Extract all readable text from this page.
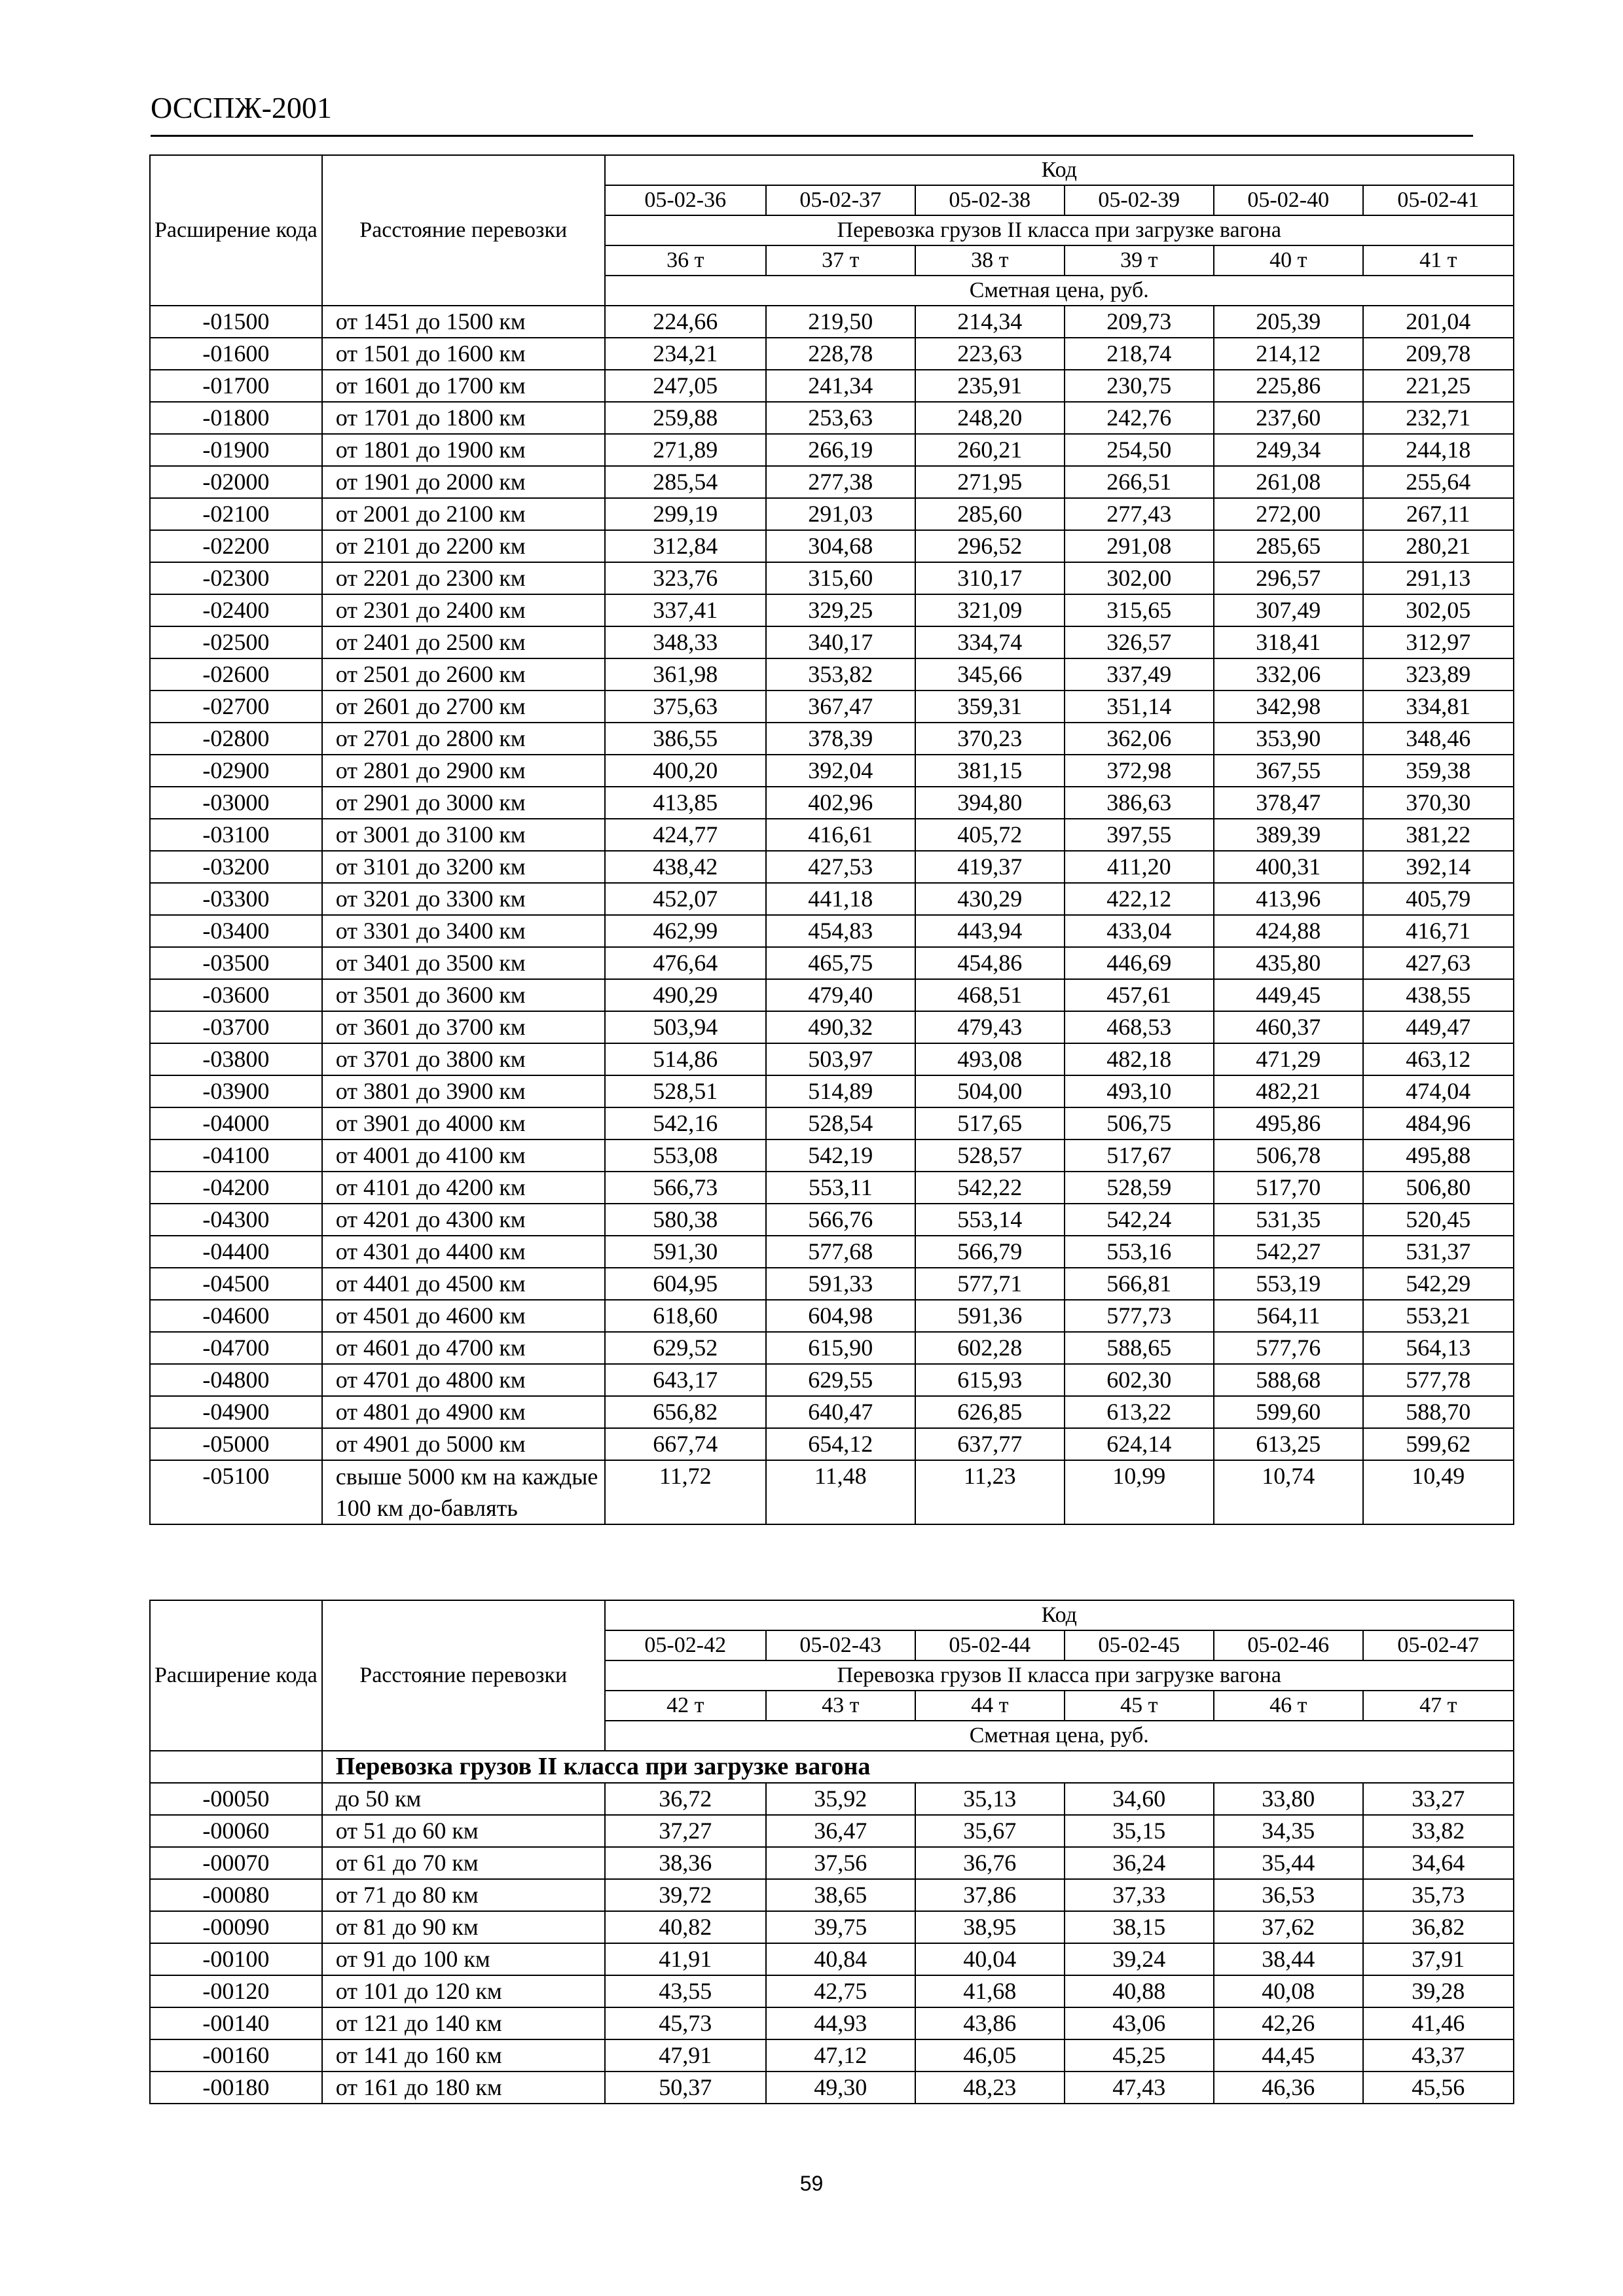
ОССПЖ-2001
Расширение кода	Расстояние перевозки	Код					
		05-02-36	05-02-37	05-02-38	05-02-39	05-02-40	05-02-41
		Перевозка грузов II класса при загрузке вагона					
		36 т	37 т	38 т	39 т	40 т	41 т
		Сметная цена, руб.					
-01500	от 1451 до 1500 км	224,66	219,50	214,34	209,73	205,39	201,04
-01600	от 1501 до 1600 км	234,21	228,78	223,63	218,74	214,12	209,78
-01700	от 1601 до 1700 км	247,05	241,34	235,91	230,75	225,86	221,25
-01800	от 1701 до 1800 км	259,88	253,63	248,20	242,76	237,60	232,71
-01900	от 1801 до 1900 км	271,89	266,19	260,21	254,50	249,34	244,18
-02000	от 1901 до 2000 км	285,54	277,38	271,95	266,51	261,08	255,64
-02100	от 2001 до 2100 км	299,19	291,03	285,60	277,43	272,00	267,11
-02200	от 2101 до 2200 км	312,84	304,68	296,52	291,08	285,65	280,21
-02300	от 2201 до 2300 км	323,76	315,60	310,17	302,00	296,57	291,13
-02400	от 2301 до 2400 км	337,41	329,25	321,09	315,65	307,49	302,05
-02500	от 2401 до 2500 км	348,33	340,17	334,74	326,57	318,41	312,97
-02600	от 2501 до 2600 км	361,98	353,82	345,66	337,49	332,06	323,89
-02700	от 2601 до 2700 км	375,63	367,47	359,31	351,14	342,98	334,81
-02800	от 2701 до 2800 км	386,55	378,39	370,23	362,06	353,90	348,46
-02900	от 2801 до 2900 км	400,20	392,04	381,15	372,98	367,55	359,38
-03000	от 2901 до 3000 км	413,85	402,96	394,80	386,63	378,47	370,30
-03100	от 3001 до 3100 км	424,77	416,61	405,72	397,55	389,39	381,22
-03200	от 3101 до 3200 км	438,42	427,53	419,37	411,20	400,31	392,14
-03300	от 3201 до 3300 км	452,07	441,18	430,29	422,12	413,96	405,79
-03400	от 3301 до 3400 км	462,99	454,83	443,94	433,04	424,88	416,71
-03500	от 3401 до 3500 км	476,64	465,75	454,86	446,69	435,80	427,63
-03600	от 3501 до 3600 км	490,29	479,40	468,51	457,61	449,45	438,55
-03700	от 3601 до 3700 км	503,94	490,32	479,43	468,53	460,37	449,47
-03800	от 3701 до 3800 км	514,86	503,97	493,08	482,18	471,29	463,12
-03900	от 3801 до 3900 км	528,51	514,89	504,00	493,10	482,21	474,04
-04000	от 3901 до 4000 км	542,16	528,54	517,65	506,75	495,86	484,96
-04100	от 4001 до 4100 км	553,08	542,19	528,57	517,67	506,78	495,88
-04200	от 4101 до 4200 км	566,73	553,11	542,22	528,59	517,70	506,80
-04300	от 4201 до 4300 км	580,38	566,76	553,14	542,24	531,35	520,45
-04400	от 4301 до 4400 км	591,30	577,68	566,79	553,16	542,27	531,37
-04500	от 4401 до 4500 км	604,95	591,33	577,71	566,81	553,19	542,29
-04600	от 4501 до 4600 км	618,60	604,98	591,36	577,73	564,11	553,21
-04700	от 4601 до 4700 км	629,52	615,90	602,28	588,65	577,76	564,13
-04800	от 4701 до 4800 км	643,17	629,55	615,93	602,30	588,68	577,78
-04900	от 4801 до 4900 км	656,82	640,47	626,85	613,22	599,60	588,70
-05000	от 4901 до 5000 км	667,74	654,12	637,77	624,14	613,25	599,62
-05100	свыше 5000 км на каждые 100 км до-бавлять	11,72	11,48	11,23	10,99	10,74	10,49
Расширение кода	Расстояние перевозки	Код					
		05-02-42	05-02-43	05-02-44	05-02-45	05-02-46	05-02-47
		Перевозка грузов II класса при загрузке вагона					
		42 т	43 т	44 т	45 т	46 т	47 т
		Сметная цена, руб.					
	Перевозка грузов II класса при загрузке вагона						
-00050	до 50 км	36,72	35,92	35,13	34,60	33,80	33,27
-00060	от 51 до 60 км	37,27	36,47	35,67	35,15	34,35	33,82
-00070	от 61 до 70 км	38,36	37,56	36,76	36,24	35,44	34,64
-00080	от 71 до 80 км	39,72	38,65	37,86	37,33	36,53	35,73
-00090	от 81 до 90 км	40,82	39,75	38,95	38,15	37,62	36,82
-00100	от 91 до 100 км	41,91	40,84	40,04	39,24	38,44	37,91
-00120	от 101 до 120 км	43,55	42,75	41,68	40,88	40,08	39,28
-00140	от 121 до 140 км	45,73	44,93	43,86	43,06	42,26	41,46
-00160	от 141 до 160 км	47,91	47,12	46,05	45,25	44,45	43,37
-00180	от 161 до 180 км	50,37	49,30	48,23	47,43	46,36	45,56
59
